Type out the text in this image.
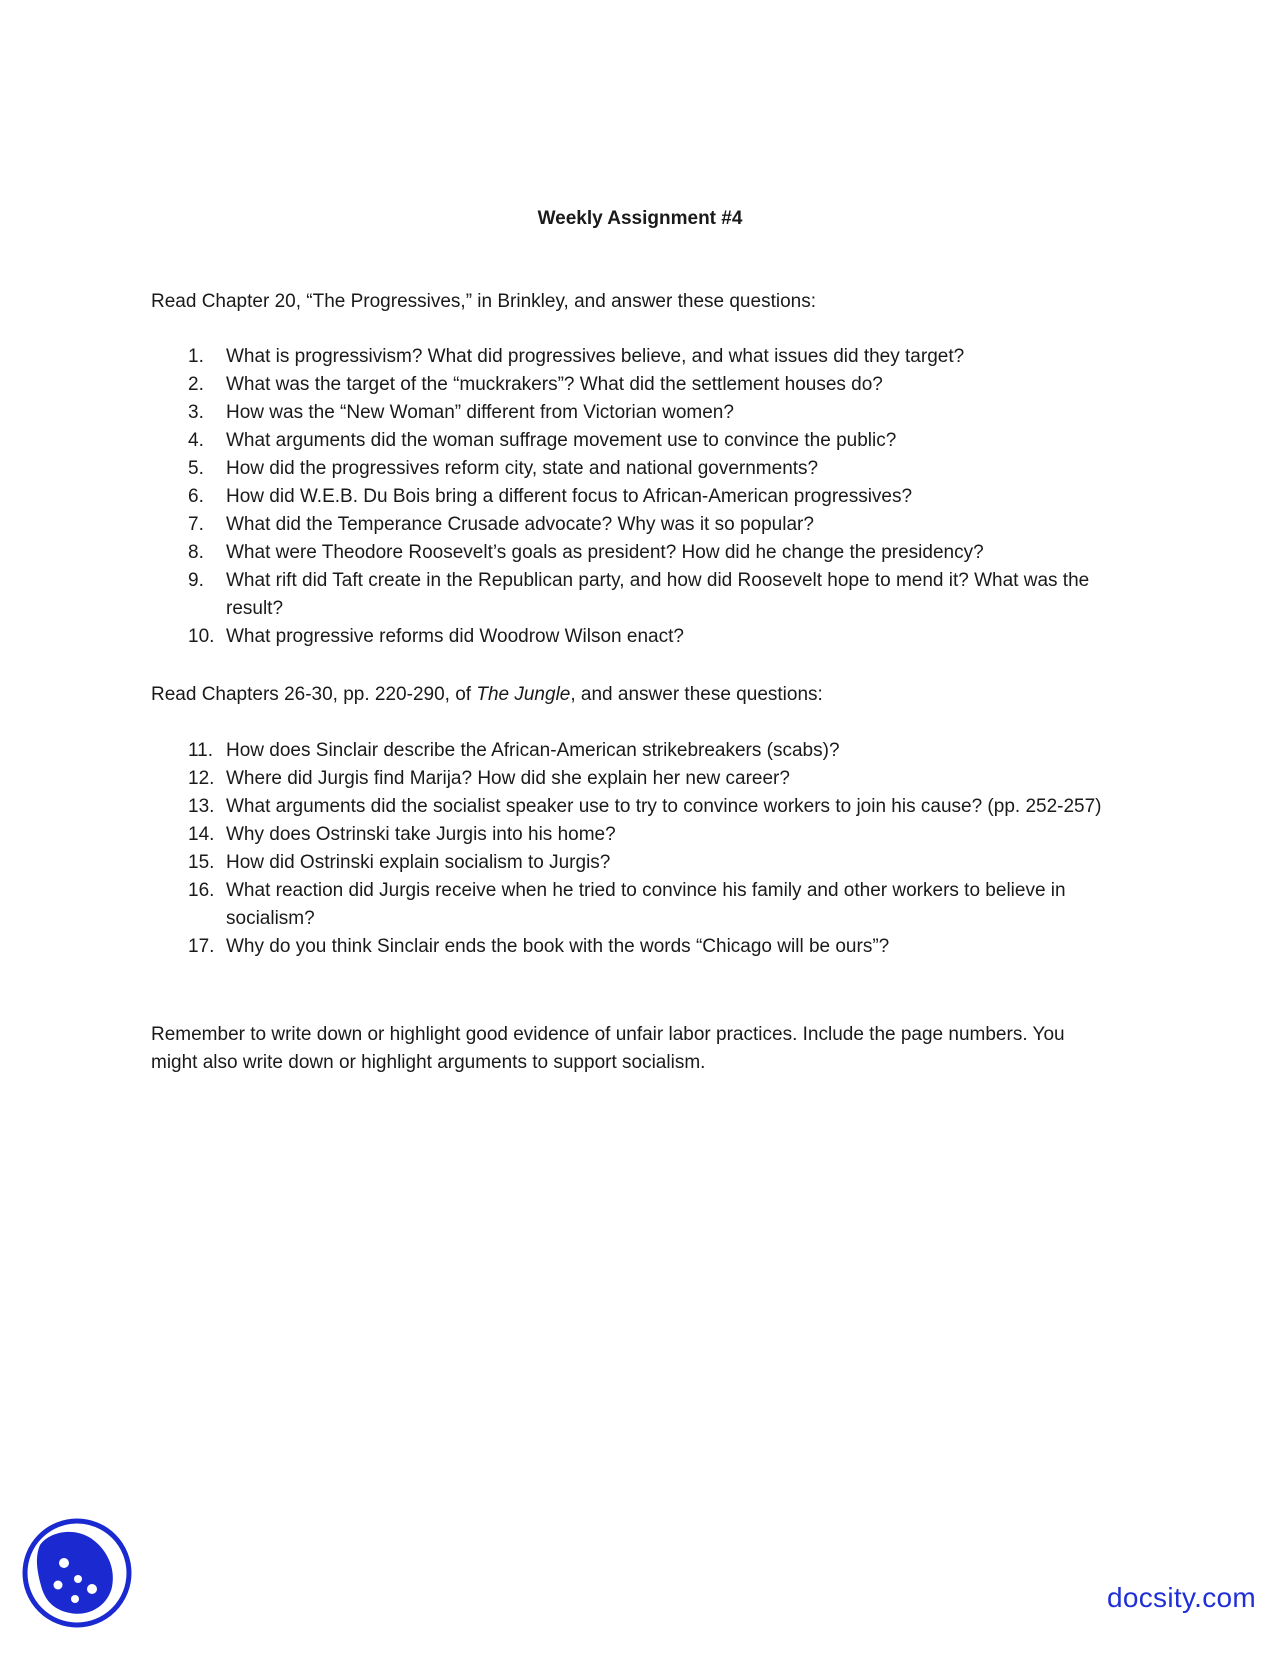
Weekly Assignment #4
Read Chapter 20, “The Progressives,” in Brinkley, and answer these questions:
1. What is progressivism? What did progressives believe, and what issues did they target?
2. What was the target of the “muckrakers”? What did the settlement houses do?
3. How was the “New Woman” different from Victorian women?
4. What arguments did the woman suffrage movement use to convince the public?
5. How did the progressives reform city, state and national governments?
6. How did W.E.B. Du Bois bring a different focus to African-American progressives?
7. What did the Temperance Crusade advocate? Why was it so popular?
8. What were Theodore Roosevelt’s goals as president? How did he change the presidency?
9. What rift did Taft create in the Republican party, and how did Roosevelt hope to mend it? What was the result?
10. What progressive reforms did Woodrow Wilson enact?
Read Chapters 26-30, pp. 220-290, of The Jungle, and answer these questions:
11. How does Sinclair describe the African-American strikebreakers (scabs)?
12. Where did Jurgis find Marija? How did she explain her new career?
13. What arguments did the socialist speaker use to try to convince workers to join his cause? (pp. 252-257)
14. Why does Ostrinski take Jurgis into his home?
15. How did Ostrinski explain socialism to Jurgis?
16. What reaction did Jurgis receive when he tried to convince his family and other workers to believe in socialism?
17. Why do you think Sinclair ends the book with the words “Chicago will be ours”?
Remember to write down or highlight good evidence of unfair labor practices. Include the page numbers. You might also write down or highlight arguments to support socialism.
docsity.com
